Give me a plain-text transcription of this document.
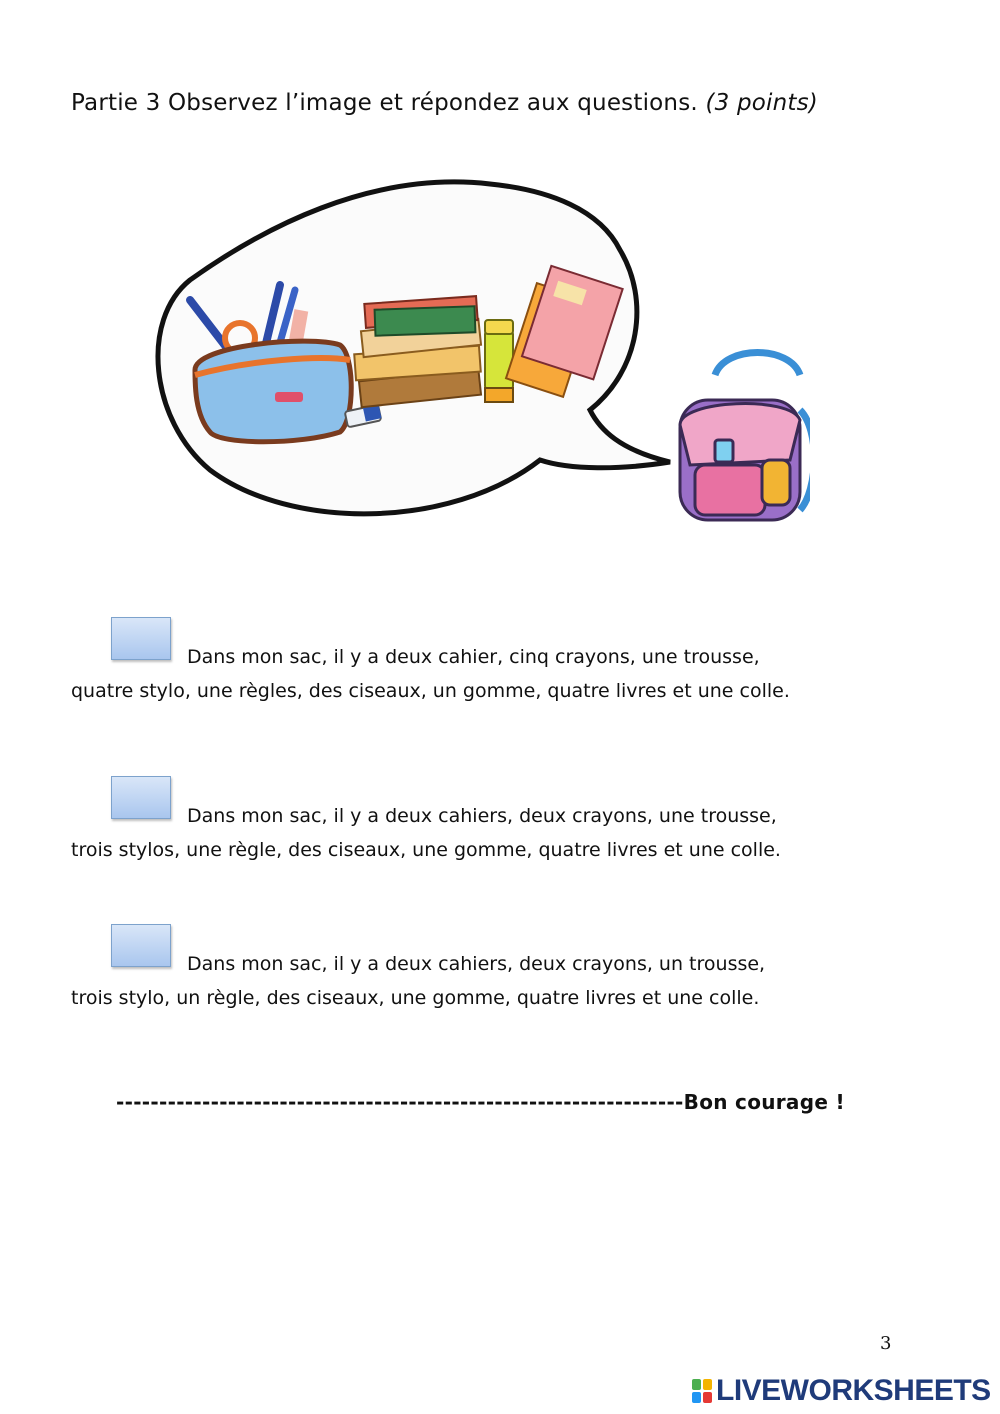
Partie 3 Observez l’image et répondez aux questions. (3 points)
Dans mon sac, il y a deux cahier, cinq crayons, une trousse,
quatre stylo, une règles, des ciseaux, un gomme, quatre livres et une colle.
Dans mon sac, il y a deux cahiers, deux crayons, une trousse,
trois stylos, une règle, des ciseaux, une gomme, quatre livres et une colle.
Dans mon sac, il y a deux cahiers, deux crayons, un trousse,
trois stylo, un règle, des ciseaux, une gomme, quatre livres et une colle.
------------------------------------------------------------------Bon courage !
3
LIVEWORKSHEETS
